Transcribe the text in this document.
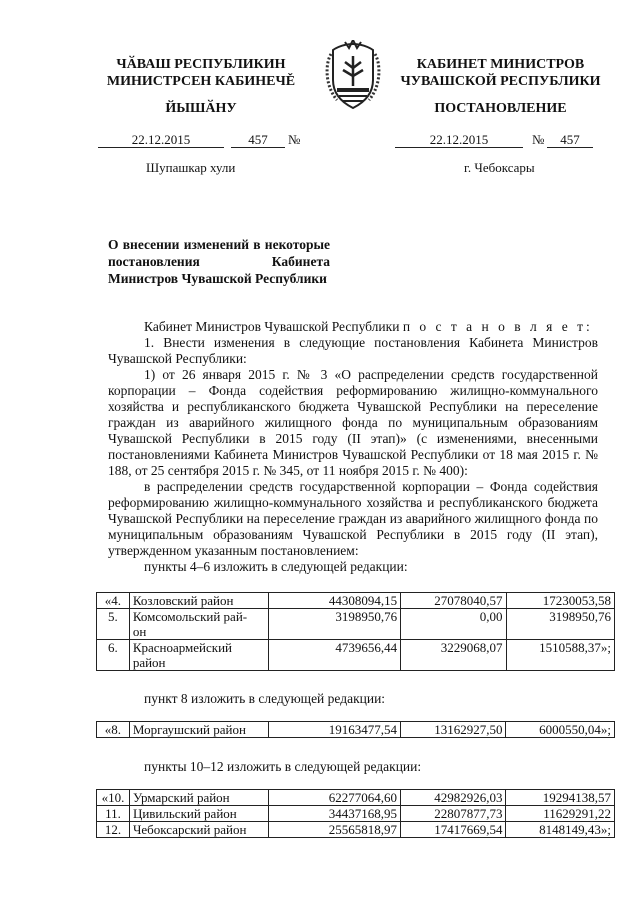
ЧӐВАШ РЕСПУБЛИКИН
МИНИСТРСЕН КАБИНЕЧĚ
ЙЫШӐНУ
22.12.2015	457	№
Шупашкар хули
КАБИНЕТ МИНИСТРОВ
ЧУВАШСКОЙ РЕСПУБЛИКИ
ПОСТАНОВЛЕНИЕ
22.12.2015	№	457
г. Чебоксары
О внесении изменений в некоторые постановления Кабинета Министров Чувашской Республики

Кабинет Министров Чувашской Республики п о с т а н о в л я е т:

1. Внести изменения в следующие постановления Кабинета Министров Чувашской Республики:

1) от 26 января 2015 г. № 3 «О распределении средств государственной корпорации – Фонда содействия реформированию жилищно-коммунального хозяйства и республиканского бюджета Чувашской Республики на переселение граждан из аварийного жилищного фонда по муниципальным образованиям Чувашской Республики в 2015 году (II этап)» (с изменениями, внесенными постановлениями Кабинета Министров Чувашской Республики от 18 мая 2015 г. № 188, от 25 сентября 2015 г. № 345, от 11 ноября 2015 г. № 400):

в распределении средств государственной корпорации – Фонда содействия реформированию жилищно-коммунального хозяйства и республиканского бюджета Чувашской Республики на переселение граждан из аварийного жилищного фонда по муниципальным образованиям Чувашской Республики в 2015 году (II этап), утвержденном указанным постановлением:

пункты 4–6 изложить в следующей редакции:

«4.	Козловский район	44308094,15	27078040,57	17230053,58
5.	Комсомольский рай-
он	3198950,76	0,00	3198950,76
6.	Красноармейский
район	4739656,44	3229068,07	1510588,37»;
пункт 8 изложить в следующей редакции:
«8.	Моргаушский район	19163477,54	13162927,50	6000550,04»;
пункты 10–12 изложить в следующей редакции:
«10.	Урмарский район	62277064,60	42982926,03	19294138,57
11.	Цивильский район	34437168,95	22807877,73	11629291,22
12.	Чебоксарский район	25565818,97	17417669,54	8148149,43»;
